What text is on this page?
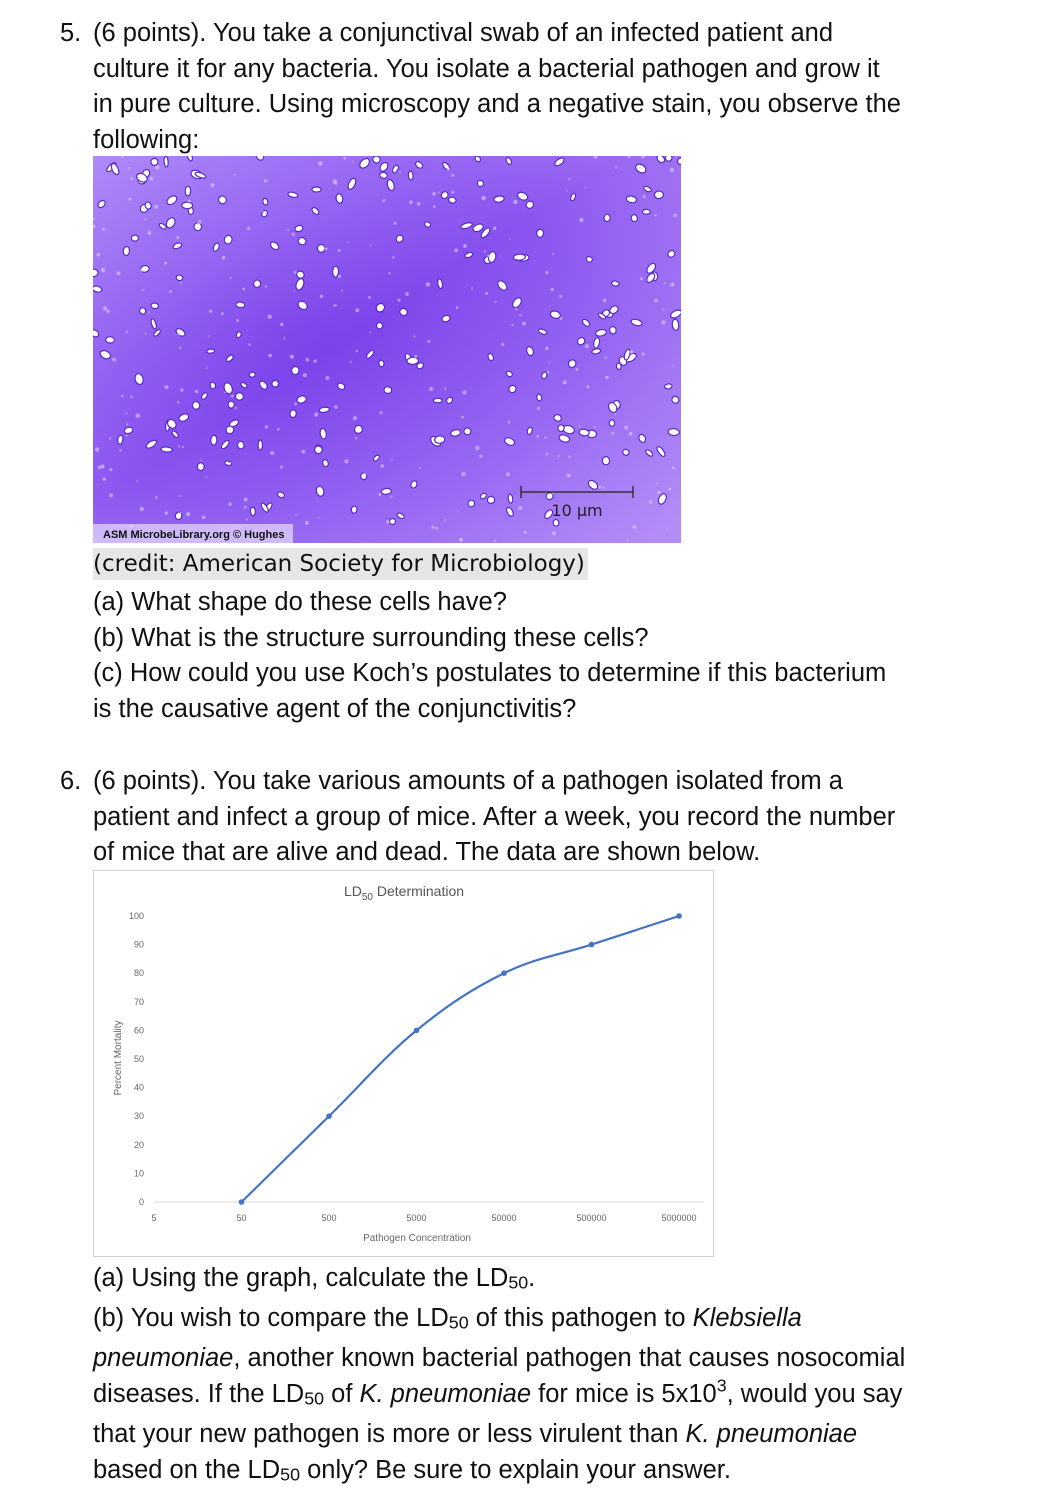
5. (6 points). You take a conjunctival swab of an infected patient and
culture it for any bacteria. You isolate a bacterial pathogen and grow it
in pure culture. Using microscopy and a negative stain, you observe the
following:

10 µm
ASM MicrobeLibrary.org © Hughes
(credit: American Society for Microbiology)

(a) What shape do these cells have?
(b) What is the structure surrounding these cells?
(c) How could you use Koch’s postulates to determine if this bacterium
is the causative agent of the conjunctivitis?

6. (6 points). You take various amounts of a pathogen isolated from a
patient and infect a group of mice. After a week, you record the number
of mice that are alive and dead. The data are shown below.

$LD_{50}$ Determination
Percent Mortality
Pathogen Concentration
0
10
20
30
40
50
60
70
80
90
100
5	50	500	5000	50000	500000	5000000

(a) Using the graph, calculate the $LD_{50}$.
(b) You wish to compare the $LD_{50}$ of this pathogen to Klebsiella
pneumoniae, another known bacterial pathogen that causes nosocomial
diseases. If the $LD_{50}$ of K. pneumoniae for mice is $5x10^3$, would you say
that your new pathogen is more or less virulent than K. pneumoniae
based on the $LD_{50}$ only? Be sure to explain your answer.
